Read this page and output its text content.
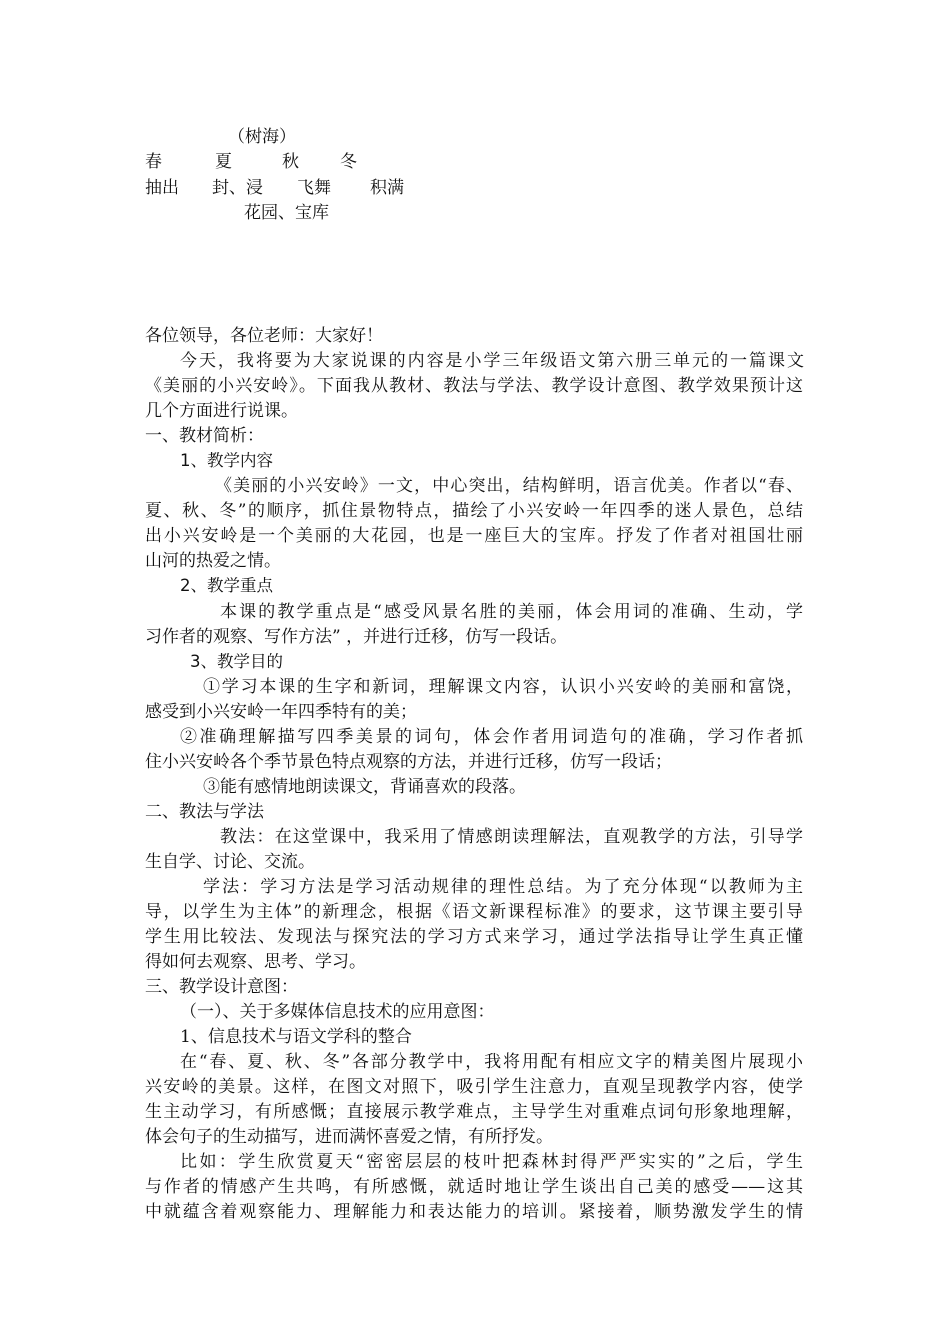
（树海）
春	夏	秋 冬
抽出 封、浸 飞舞 积满
花园、宝库
各位领导，各位老师：大家好！
今天，我将要为大家说课的内容是小学三年级语文第六册三单元的一篇课文
《美丽的小兴安岭》。下面我从教材、教法与学法、教学设计意图、教学效果预计这
几个方面进行说课。
一、教材简析：
1、教学内容
《美丽的小兴安岭》一文，中心突出，结构鲜明，语言优美。作者以“春、
夏、秋、冬”的顺序，抓住景物特点，描绘了小兴安岭一年四季的迷人景色，总结
出小兴安岭是一个美丽的大花园，也是一座巨大的宝库。抒发了作者对祖国壮丽
山河的热爱之情。
2、教学重点
本课的教学重点是“感受风景名胜的美丽，体会用词的准确、生动，学
习作者的观察、写作方法” ，并进行迁移，仿写一段话。
3、教学目的
①学习本课的生字和新词，理解课文内容，认识小兴安岭的美丽和富饶，
感受到小兴安岭一年四季特有的美；
②准确理解描写四季美景的词句，体会作者用词造句的准确，学习作者抓
住小兴安岭各个季节景色特点观察的方法，并进行迁移，仿写一段话；
③能有感情地朗读课文，背诵喜欢的段落。
二、教法与学法
教法：在这堂课中，我采用了情感朗读理解法，直观教学的方法，引导学
生自学、讨论、交流。
学法：学习方法是学习活动规律的理性总结。为了充分体现“以教师为主
导，以学生为主体”的新理念，根据《语文新课程标准》的要求，这节课主要引导
学生用比较法、发现法与探究法的学习方式来学习，通过学法指导让学生真正懂
得如何去观察、思考、学习。
三、教学设计意图：
（一）、关于多媒体信息技术的应用意图：
1、信息技术与语文学科的整合
在“春、夏、秋、冬”各部分教学中，我将用配有相应文字的精美图片展现小
兴安岭的美景。这样，在图文对照下，吸引学生注意力，直观呈现教学内容，使学
生主动学习，有所感慨；直接展示教学难点，主导学生对重难点词句形象地理解，
体会句子的生动描写，进而满怀喜爱之情，有所抒发。
比如：学生欣赏夏天“密密层层的枝叶把森林封得严严实实的”之后，学生
与作者的情感产生共鸣，有所感慨，就适时地让学生谈出自己美的感受——这其
中就蕴含着观察能力、理解能力和表达能力的培训。紧接着，顺势激发学生的情
